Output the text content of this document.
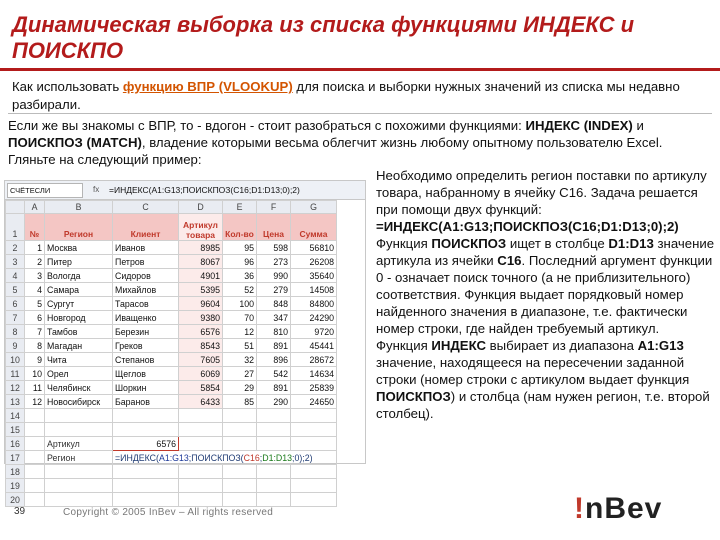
Динамическая выборка из списка функциями ИНДЕКС и ПОИСКПО
Как использовать функцию ВПР (VLOOKUP) для поиска и выборки нужных значений из списка мы недавно разбирали.
Если же вы знакомы с ВПР, то - вдогон - стоит разобраться с похожими функциями: ИНДЕКС (INDEX) и ПОИСКПОЗ (MATCH), владение которыми весьма облегчит жизнь любому опытному пользователю Excel. Гляньте на следующий пример:
СЧЁТЕСЛИ	fx =ИНДЕКС(A1:G13;ПОИСКПОЗ(C16;D1:D13;0);2)
	A	B	C	D	E	F	G
1	№	Регион	Клиент	Артикул товара	Кол-во	Цена	Сумма
2	1	Москва	Иванов	8985	95	598	56810
3	2	Питер	Петров	8067	96	273	26208
4	3	Вологда	Сидоров	4901	36	990	35640
5	4	Самара	Михайлов	5395	52	279	14508
6	5	Сургут	Тарасов	9604	100	848	84800
7	6	Новгород	Иващенко	9380	70	347	24290
8	7	Тамбов	Березин	6576	12	810	9720
9	8	Магадан	Греков	8543	51	891	45441
10	9	Чита	Степанов	7605	32	896	28672
11	10	Орел	Щеглов	6069	27	542	14634
12	11	Челябинск	Шоркин	5854	29	891	25839
13	12	Новосибирск	Баранов	6433	85	290	24650
14							
15							
16		Артикул	6576				
17		Регион	=ИНДЕКС(A1:G13;ПОИСКПОЗ(C16;D1:D13;0);2)				
18							
19							
20							
Необходимо определить регион поставки по артикулу товара, набранному в ячейку C16. Задача решается при помощи двух функций:
=ИНДЕКС(A1:G13;ПОИСКПОЗ(C16;D1:D13;0);2)
Функция ПОИСКПОЗ ищет в столбце D1:D13 значение артикула из ячейки C16. Последний аргумент функции 0 - означает поиск точного (а не приблизительного) соответствия. Функция выдает порядковый номер найденного значения в диапазоне, т.е. фактически номер строки, где найден требуемый артикул.
Функция ИНДЕКС выбирает из диапазона A1:G13 значение, находящееся на пересечении заданной строки (номер строки с артикулом выдает функция ПОИСКПОЗ) и столбца (нам нужен регион, т.е. второй столбец).
39	Copyright © 2005 InBev – All rights reserved	!nBev
